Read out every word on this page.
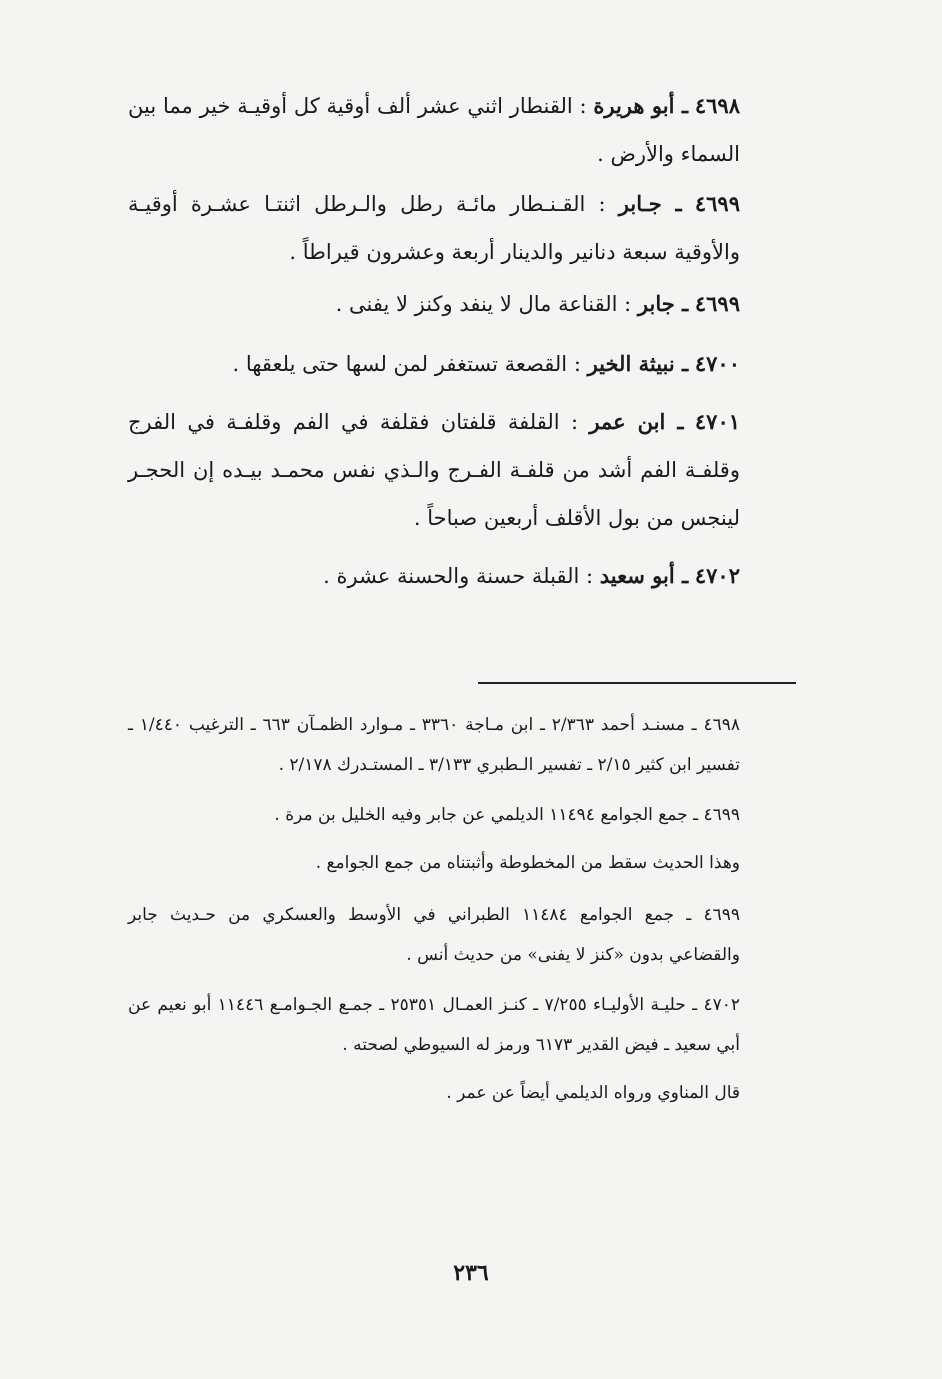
٤٦٩٨ ـ أبو هريرة : القنطار اثني عشر ألف أوقية كل أوقيـة خير مما بين السماء والأرض .

٤٦٩٩ ـ جـابر : القـنـطار مائـة رطل والـرطل اثنتـا عشـرة أوقيـة والأوقية سبعة دنانير والدينار أربعة وعشرون قيراطاً .

٤٦٩٩ ـ جابر : القناعة مال لا ينفد وكنز لا يفنى .

٤٧٠٠ ـ نبيثة الخير : القصعة تستغفر لمن لسها حتى يلعقها .

٤٧٠١ ـ ابن عمر : القلفة قلفتان فقلفة في الفم وقلفـة في الفرج وقلفـة الفم أشد من قلفـة الفـرج والـذي نفس محمـد بيـده إن الحجـر لينجس من بول الأقلف أربعين صباحاً .

٤٧٠٢ ـ أبو سعيد : القبلة حسنة والحسنة عشرة .

٤٦٩٨ ـ مسنـد أحمد ٢/٣٦٣ ـ ابن مـاجة ٣٣٦٠ ـ مـوارد الظمـآن ٦٦٣ ـ الترغيب ١/٤٤٠ ـ تفسير ابن كثير ٢/١٥ ـ تفسير الـطبري ٣/١٣٣ ـ المستـدرك ٢/١٧٨ .

٤٦٩٩ ـ جمع الجوامع ١١٤٩٤ الديلمي عن جابر وفيه الخليل بن مرة .

وهذا الحديث سقط من المخطوطة وأثبتناه من جمع الجوامع .

٤٦٩٩ ـ جمع الجوامع ١١٤٨٤ الطبراني في الأوسط والعسكري من حـديث جابر والقضاعي بدون «كنز لا يفنى» من حديث أنس .

٤٧٠٢ ـ حليـة الأوليـاء ٧/٢٥٥ ـ كنـز العمـال ٢٥٣٥١ ـ جمـع الجـوامـع ١١٤٤٦ أبو نعيم عن أبي سعيد ـ فيض القدير ٦١٧٣ ورمز له السيوطي لصحته .

قال المناوي ورواه الديلمي أيضاً عن عمر .

٢٣٦
